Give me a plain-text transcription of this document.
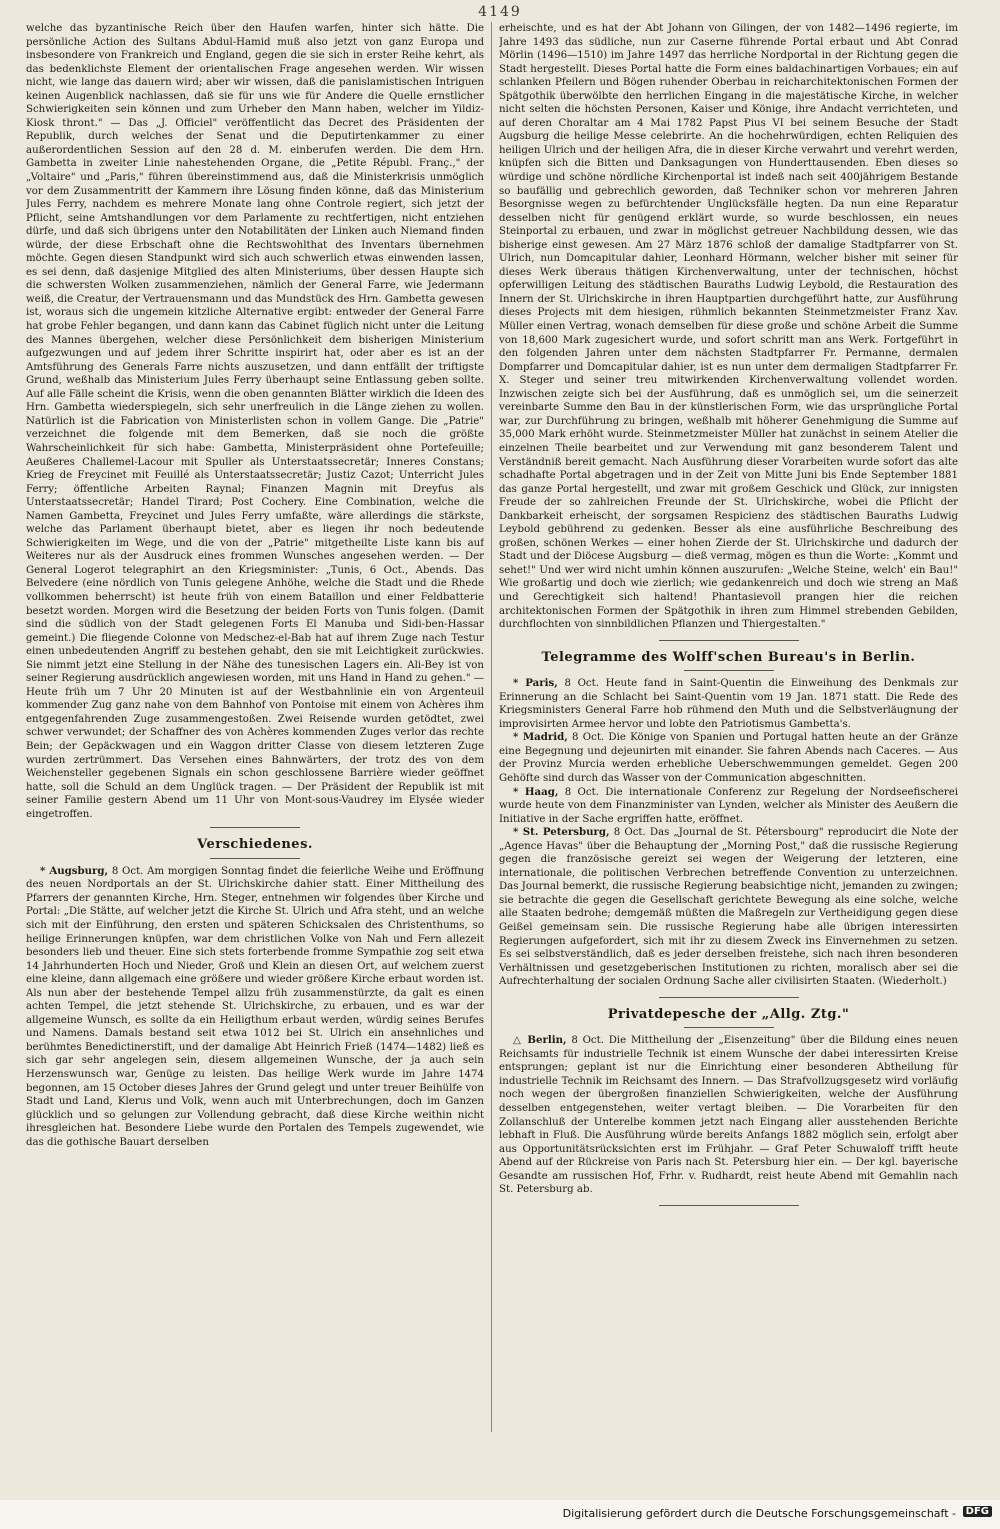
4149

welche das byzantinische Reich über den Haufen warfen, hinter sich hätte. Die persönliche Action des Sultans Abdul-Hamid muß also jetzt von ganz Europa und insbesondere von Frankreich und England, gegen die sie sich in erster Reihe kehrt, als das bedenklichste Element der orientalischen Frage angesehen werden. Wir wissen nicht, wie lange das dauern wird; aber wir wissen, daß die panislamistischen Intriguen keinen Augenblick nachlassen, daß sie für uns wie für Andere die Quelle ernstlicher Schwierigkeiten sein können und zum Urheber den Mann haben, welcher im Yildiz-Kiosk thront." — Das „J. Officiel" veröffentlicht das Decret des Präsidenten der Republik, durch welches der Senat und die Deputirtenkammer zu einer außerordentlichen Session auf den 28 d. M. einberufen werden. Die dem Hrn. Gambetta in zweiter Linie nahestehenden Organe, die „Petite Républ. Franç.," der „Voltaire" und „Paris," führen übereinstimmend aus, daß die Ministerkrisis unmöglich vor dem Zusammentritt der Kammern ihre Lösung finden könne, daß das Ministerium Jules Ferry, nachdem es mehrere Monate lang ohne Controle regiert, sich jetzt der Pflicht, seine Amtshandlungen vor dem Parlamente zu rechtfertigen, nicht entziehen dürfe, und daß sich übrigens unter den Notabilitäten der Linken auch Niemand finden würde, der diese Erbschaft ohne die Rechtswohlthat des Inventars übernehmen möchte. Gegen diesen Standpunkt wird sich auch schwerlich etwas einwenden lassen, es sei denn, daß dasjenige Mitglied des alten Ministeriums, über dessen Haupte sich die schwersten Wolken zusammenziehen, nämlich der General Farre, wie Jedermann weiß, die Creatur, der Vertrauensmann und das Mundstück des Hrn. Gambetta gewesen ist, woraus sich die ungemein kitzliche Alternative ergibt: entweder der General Farre hat grobe Fehler begangen, und dann kann das Cabinet füglich nicht unter die Leitung des Mannes übergehen, welcher diese Persönlichkeit dem bisherigen Ministerium aufgezwungen und auf jedem ihrer Schritte inspirirt hat, oder aber es ist an der Amtsführung des Generals Farre nichts auszusetzen, und dann entfällt der triftigste Grund, weßhalb das Ministerium Jules Ferry überhaupt seine Entlassung geben sollte. Auf alle Fälle scheint die Krisis, wenn die oben genannten Blätter wirklich die Ideen des Hrn. Gambetta wiederspiegeln, sich sehr unerfreulich in die Länge ziehen zu wollen. Natürlich ist die Fabrication von Ministerlisten schon in vollem Gange. Die „Patrie" verzeichnet die folgende mit dem Bemerken, daß sie noch die größte Wahrscheinlichkeit für sich habe: Gambetta, Ministerpräsident ohne Portefeuille; Aeußeres Challemel-Lacour mit Spuller als Unterstaatssecretär; Inneres Constans; Krieg de Freycinet mit Feuillé als Unterstaatssecretär; Justiz Cazot; Unterricht Jules Ferry; öffentliche Arbeiten Raynal; Finanzen Magnin mit Dreyfus als Unterstaatssecretär; Handel Tirard; Post Cochery. Eine Combination, welche die Namen Gambetta, Freycinet und Jules Ferry umfaßte, wäre allerdings die stärkste, welche das Parlament überhaupt bietet, aber es liegen ihr noch bedeutende Schwierigkeiten im Wege, und die von der „Patrie" mitgetheilte Liste kann bis auf Weiteres nur als der Ausdruck eines frommen Wunsches angesehen werden. — Der General Logerot telegraphirt an den Kriegsminister: „Tunis, 6 Oct., Abends. Das Belvedere (eine nördlich von Tunis gelegene Anhöhe, welche die Stadt und die Rhede vollkommen beherrscht) ist heute früh von einem Bataillon und einer Feldbatterie besetzt worden. Morgen wird die Besetzung der beiden Forts von Tunis folgen. (Damit sind die südlich von der Stadt gelegenen Forts El Manuba und Sidi-ben-Hassar gemeint.) Die fliegende Colonne von Medschez-el-Bab hat auf ihrem Zuge nach Testur einen unbedeutenden Angriff zu bestehen gehabt, den sie mit Leichtigkeit zurückwies. Sie nimmt jetzt eine Stellung in der Nähe des tunesischen Lagers ein. Ali-Bey ist von seiner Regierung ausdrücklich angewiesen worden, mit uns Hand in Hand zu gehen." — Heute früh um 7 Uhr 20 Minuten ist auf der Westbahnlinie ein von Argenteuil kommender Zug ganz nahe von dem Bahnhof von Pontoise mit einem von Achères ihm entgegenfahrenden Zuge zusammengestoßen. Zwei Reisende wurden getödtet, zwei schwer verwundet; der Schaffner des von Achères kommenden Zuges verlor das rechte Bein; der Gepäckwagen und ein Waggon dritter Classe von diesem letzteren Zuge wurden zertrümmert. Das Versehen eines Bahnwärters, der trotz des von dem Weichensteller gegebenen Signals ein schon geschlossene Barrière wieder geöffnet hatte, soll die Schuld an dem Unglück tragen. — Der Präsident der Republik ist mit seiner Familie gestern Abend um 11 Uhr von Mont-sous-Vaudrey im Elysée wieder eingetroffen.

Verschiedenes.

* Augsburg, 8 Oct. Am morgigen Sonntag findet die feierliche Weihe und Eröffnung des neuen Nordportals an der St. Ulrichskirche dahier statt. Einer Mittheilung des Pfarrers der genannten Kirche, Hrn. Steger, entnehmen wir folgendes über Kirche und Portal: „Die Stätte, auf welcher jetzt die Kirche St. Ulrich und Afra steht, und an welche sich mit der Einführung, den ersten und späteren Schicksalen des Christenthums, so heilige Erinnerungen knüpfen, war dem christlichen Volke von Nah und Fern allezeit besonders lieb und theuer. Eine sich stets forterbende fromme Sympathie zog seit etwa 14 Jahrhunderten Hoch und Nieder, Groß und Klein an diesen Ort, auf welchem zuerst eine kleine, dann allgemach eine größere und wieder größere Kirche erbaut worden ist. Als nun aber der bestehende Tempel allzu früh zusammenstürzte, da galt es einen achten Tempel, die jetzt stehende St. Ulrichskirche, zu erbauen, und es war der allgemeine Wunsch, es sollte da ein Heiligthum erbaut werden, würdig seines Berufes und Namens. Damals bestand seit etwa 1012 bei St. Ulrich ein ansehnliches und berühmtes Benedictinerstift, und der damalige Abt Heinrich Frieß (1474—1482) ließ es sich gar sehr angelegen sein, diesem allgemeinen Wunsche, der ja auch sein Herzenswunsch war, Genüge zu leisten. Das heilige Werk wurde im Jahre 1474 begonnen, am 15 October dieses Jahres der Grund gelegt und unter treuer Beihülfe von Stadt und Land, Klerus und Volk, wenn auch mit Unterbrechungen, doch im Ganzen glücklich und so gelungen zur Vollendung gebracht, daß diese Kirche weithin nicht ihresgleichen hat. Besondere Liebe wurde den Portalen des Tempels zugewendet, wie das die gothische Bauart derselben

erheischte, und es hat der Abt Johann von Gilingen, der von 1482—1496 regierte, im Jahre 1493 das südliche, nun zur Caserne führende Portal erbaut und Abt Conrad Mörlin (1496—1510) im Jahre 1497 das herrliche Nordportal in der Richtung gegen die Stadt hergestellt. Dieses Portal hatte die Form eines baldachinartigen Vorbaues; ein auf schlanken Pfeilern und Bögen ruhender Oberbau in reicharchitektonischen Formen der Spätgothik überwölbte den herrlichen Eingang in die majestätische Kirche, in welcher nicht selten die höchsten Personen, Kaiser und Könige, ihre Andacht verrichteten, und auf deren Choraltar am 4 Mai 1782 Papst Pius VI bei seinem Besuche der Stadt Augsburg die heilige Messe celebrirte. An die hochehrwürdigen, echten Reliquien des heiligen Ulrich und der heiligen Afra, die in dieser Kirche verwahrt und verehrt werden, knüpfen sich die Bitten und Danksagungen von Hunderttausenden. Eben dieses so würdige und schöne nördliche Kirchenportal ist indeß nach seit 400jährigem Bestande so baufällig und gebrechlich geworden, daß Techniker schon vor mehreren Jahren Besorgnisse wegen zu befürchtender Unglücksfälle hegten. Da nun eine Reparatur desselben nicht für genügend erklärt wurde, so wurde beschlossen, ein neues Steinportal zu erbauen, und zwar in möglichst getreuer Nachbildung dessen, wie das bisherige einst gewesen. Am 27 März 1876 schloß der damalige Stadtpfarrer von St. Ulrich, nun Domcapitular dahier, Leonhard Hörmann, welcher bisher mit seiner für dieses Werk überaus thätigen Kirchenverwaltung, unter der technischen, höchst opferwilligen Leitung des städtischen Bauraths Ludwig Leybold, die Restauration des Innern der St. Ulrichskirche in ihren Hauptpartien durchgeführt hatte, zur Ausführung dieses Projects mit dem hiesigen, rühmlich bekannten Steinmetzmeister Franz Xav. Müller einen Vertrag, wonach demselben für diese große und schöne Arbeit die Summe von 18,600 Mark zugesichert wurde, und sofort schritt man ans Werk. Fortgeführt in den folgenden Jahren unter dem nächsten Stadtpfarrer Fr. Permanne, dermalen Dompfarrer und Domcapitular dahier, ist es nun unter dem dermaligen Stadtpfarrer Fr. X. Steger und seiner treu mitwirkenden Kirchenverwaltung vollendet worden. Inzwischen zeigte sich bei der Ausführung, daß es unmöglich sei, um die seinerzeit vereinbarte Summe den Bau in der künstlerischen Form, wie das ursprüngliche Portal war, zur Durchführung zu bringen, weßhalb mit höherer Genehmigung die Summe auf 35,000 Mark erhöht wurde. Steinmetzmeister Müller hat zunächst in seinem Atelier die einzelnen Theile bearbeitet und zur Verwendung mit ganz besonderem Talent und Verständniß bereit gemacht. Nach Ausführung dieser Vorarbeiten wurde sofort das alte schadhafte Portal abgetragen und in der Zeit von Mitte Juni bis Ende September 1881 das ganze Portal hergestellt, und zwar mit großem Geschick und Glück, zur innigsten Freude der so zahlreichen Freunde der St. Ulrichskirche, wobei die Pflicht der Dankbarkeit erheischt, der sorgsamen Respicienz des städtischen Bauraths Ludwig Leybold gebührend zu gedenken. Besser als eine ausführliche Beschreibung des großen, schönen Werkes — einer hohen Zierde der St. Ulrichskirche und dadurch der Stadt und der Diöcese Augsburg — dieß vermag, mögen es thun die Worte: „Kommt und sehet!" Und wer wird nicht umhin können auszurufen: „Welche Steine, welch' ein Bau!" Wie großartig und doch wie zierlich; wie gedankenreich und doch wie streng an Maß und Gerechtigkeit sich haltend! Phantasievoll prangen hier die reichen architektonischen Formen der Spätgothik in ihren zum Himmel strebenden Gebilden, durchflochten von sinnbildlichen Pflanzen und Thiergestalten."

Telegramme des Wolff'schen Bureau's in Berlin.

* Paris, 8 Oct. Heute fand in Saint-Quentin die Einweihung des Denkmals zur Erinnerung an die Schlacht bei Saint-Quentin vom 19 Jan. 1871 statt. Die Rede des Kriegsministers General Farre hob rühmend den Muth und die Selbstverläugnung der improvisirten Armee hervor und lobte den Patriotismus Gambetta's.

* Madrid, 8 Oct. Die Könige von Spanien und Portugal hatten heute an der Gränze eine Begegnung und dejeunirten mit einander. Sie fahren Abends nach Caceres. — Aus der Provinz Murcia werden erhebliche Ueberschwemmungen gemeldet. Gegen 200 Gehöfte sind durch das Wasser von der Communication abgeschnitten.

* Haag, 8 Oct. Die internationale Conferenz zur Regelung der Nordseefischerei wurde heute von dem Finanzminister van Lynden, welcher als Minister des Aeußern die Initiative in der Sache ergriffen hatte, eröffnet.

* St. Petersburg, 8 Oct. Das „Journal de St. Pétersbourg" reproducirt die Note der „Agence Havas" über die Behauptung der „Morning Post," daß die russische Regierung gegen die französische gereizt sei wegen der Weigerung der letzteren, eine internationale, die politischen Verbrechen betreffende Convention zu unterzeichnen. Das Journal bemerkt, die russische Regierung beabsichtige nicht, jemanden zu zwingen; sie betrachte die gegen die Gesellschaft gerichtete Bewegung als eine solche, welche alle Staaten bedrohe; demgemäß müßten die Maßregeln zur Vertheidigung gegen diese Geißel gemeinsam sein. Die russische Regierung habe alle übrigen interessirten Regierungen aufgefordert, sich mit ihr zu diesem Zweck ins Einvernehmen zu setzen. Es sei selbstverständlich, daß es jeder derselben freistehe, sich nach ihren besonderen Verhältnissen und gesetzgeberischen Institutionen zu richten, moralisch aber sei die Aufrechterhaltung der socialen Ordnung Sache aller civilisirten Staaten. (Wiederholt.)

Privatdepesche der „Allg. Ztg."

△ Berlin, 8 Oct. Die Mittheilung der „Eisenzeitung" über die Bildung eines neuen Reichsamts für industrielle Technik ist einem Wunsche der dabei interessirten Kreise entsprungen; geplant ist nur die Einrichtung einer besonderen Abtheilung für industrielle Technik im Reichsamt des Innern. — Das Strafvollzugsgesetz wird vorläufig noch wegen der übergroßen finanziellen Schwierigkeiten, welche der Ausführung desselben entgegenstehen, weiter vertagt bleiben. — Die Vorarbeiten für den Zollanschluß der Unterelbe kommen jetzt nach Eingang aller ausstehenden Berichte lebhaft in Fluß. Die Ausführung würde bereits Anfangs 1882 möglich sein, erfolgt aber aus Opportunitätsrücksichten erst im Frühjahr. — Graf Peter Schuwaloff trifft heute Abend auf der Rückreise von Paris nach St. Petersburg hier ein. — Der kgl. bayerische Gesandte am russischen Hof, Frhr. v. Rudhardt, reist heute Abend mit Gemahlin nach St. Petersburg ab.

Digitalisierung gefördert durch die Deutsche Forschungsgemeinschaft - DFG
